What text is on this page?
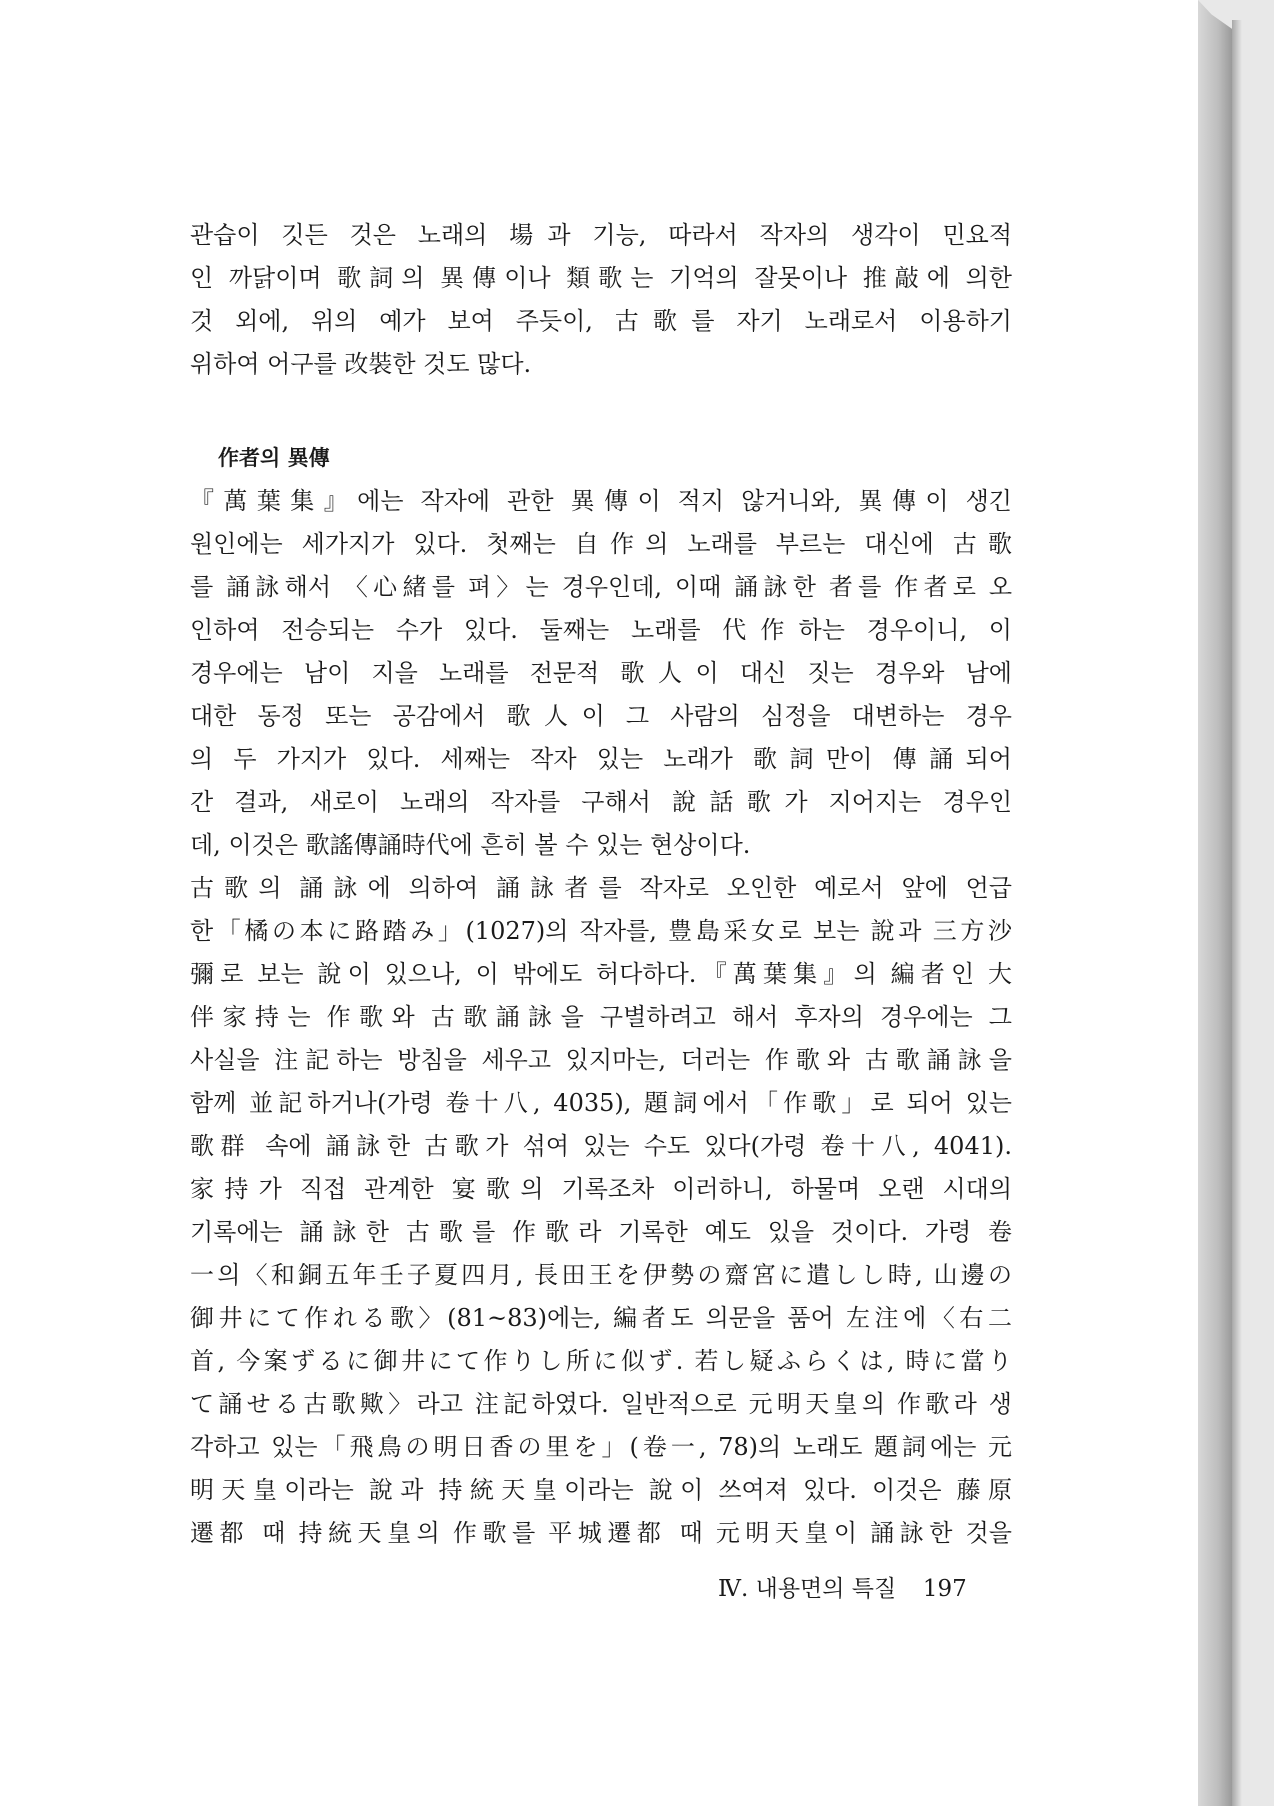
관습이 깃든 것은 노래의 場과 기능, 따라서 작자의 생각이 민요적
인 까닭이며 歌詞의 異傳이나 類歌는 기억의 잘못이나 推敲에 의한
것 외에, 위의 예가 보여 주듯이, 古歌를 자기 노래로서 이용하기
위하여 어구를 改裝한 것도 많다.
作者의 異傳
『萬葉集』에는 작자에 관한 異傳이 적지 않거니와, 異傳이 생긴
원인에는 세가지가 있다. 첫째는 自作의 노래를 부르는 대신에 古歌
를 誦詠해서 〈心緒를 펴〉는 경우인데, 이때 誦詠한 者를 作者로 오
인하여 전승되는 수가 있다. 둘째는 노래를 代作하는 경우이니, 이
경우에는 남이 지을 노래를 전문적 歌人이 대신 짓는 경우와 남에
대한 동정 또는 공감에서 歌人이 그 사람의 심정을 대변하는 경우
의 두 가지가 있다. 세째는 작자 있는 노래가 歌詞만이 傳誦되어
간 결과, 새로이 노래의 작자를 구해서 說話歌가 지어지는 경우인
데, 이것은 歌謠傳誦時代에 흔히 볼 수 있는 현상이다.
古歌의 誦詠에 의하여 誦詠者를 작자로 오인한 예로서 앞에 언급
한「橘の本に路踏み」(1027)의 작자를, 豊島采女로 보는 說과 三方沙
彌로 보는 說이 있으나, 이 밖에도 허다하다.『萬葉集』의 編者인 大
伴家持는 作歌와 古歌誦詠을 구별하려고 해서 후자의 경우에는 그
사실을 注記하는 방침을 세우고 있지마는, 더러는 作歌와 古歌誦詠을
함께 並記하거나(가령 卷十八, 4035), 題詞에서「作歌」로 되어 있는
歌群 속에 誦詠한 古歌가 섞여 있는 수도 있다(가령 卷十八, 4041).
家持가 직접 관계한 宴歌의 기록조차 이러하니, 하물며 오랜 시대의
기록에는 誦詠한 古歌를 作歌라 기록한 예도 있을 것이다. 가령 卷
一의〈和銅五年壬子夏四月, 長田王を伊勢の齋宮に遣しし時, 山邊の
御井にて作れる歌〉(81~83)에는, 編者도 의문을 품어 左注에〈右二
首, 今案ずるに御井にて作りし所に似ず. 若し疑ふらくは, 時に當り
て誦せる古歌歟〉라고 注記하였다. 일반적으로 元明天皇의 作歌라 생
각하고 있는「飛鳥の明日香の里を」(卷一, 78)의 노래도 題詞에는 元
明天皇이라는 說과 持統天皇이라는 說이 쓰여져 있다. 이것은 藤原
遷都 때 持統天皇의 作歌를 平城遷都 때 元明天皇이 誦詠한 것을
Ⅳ. 내용면의 특질 197
